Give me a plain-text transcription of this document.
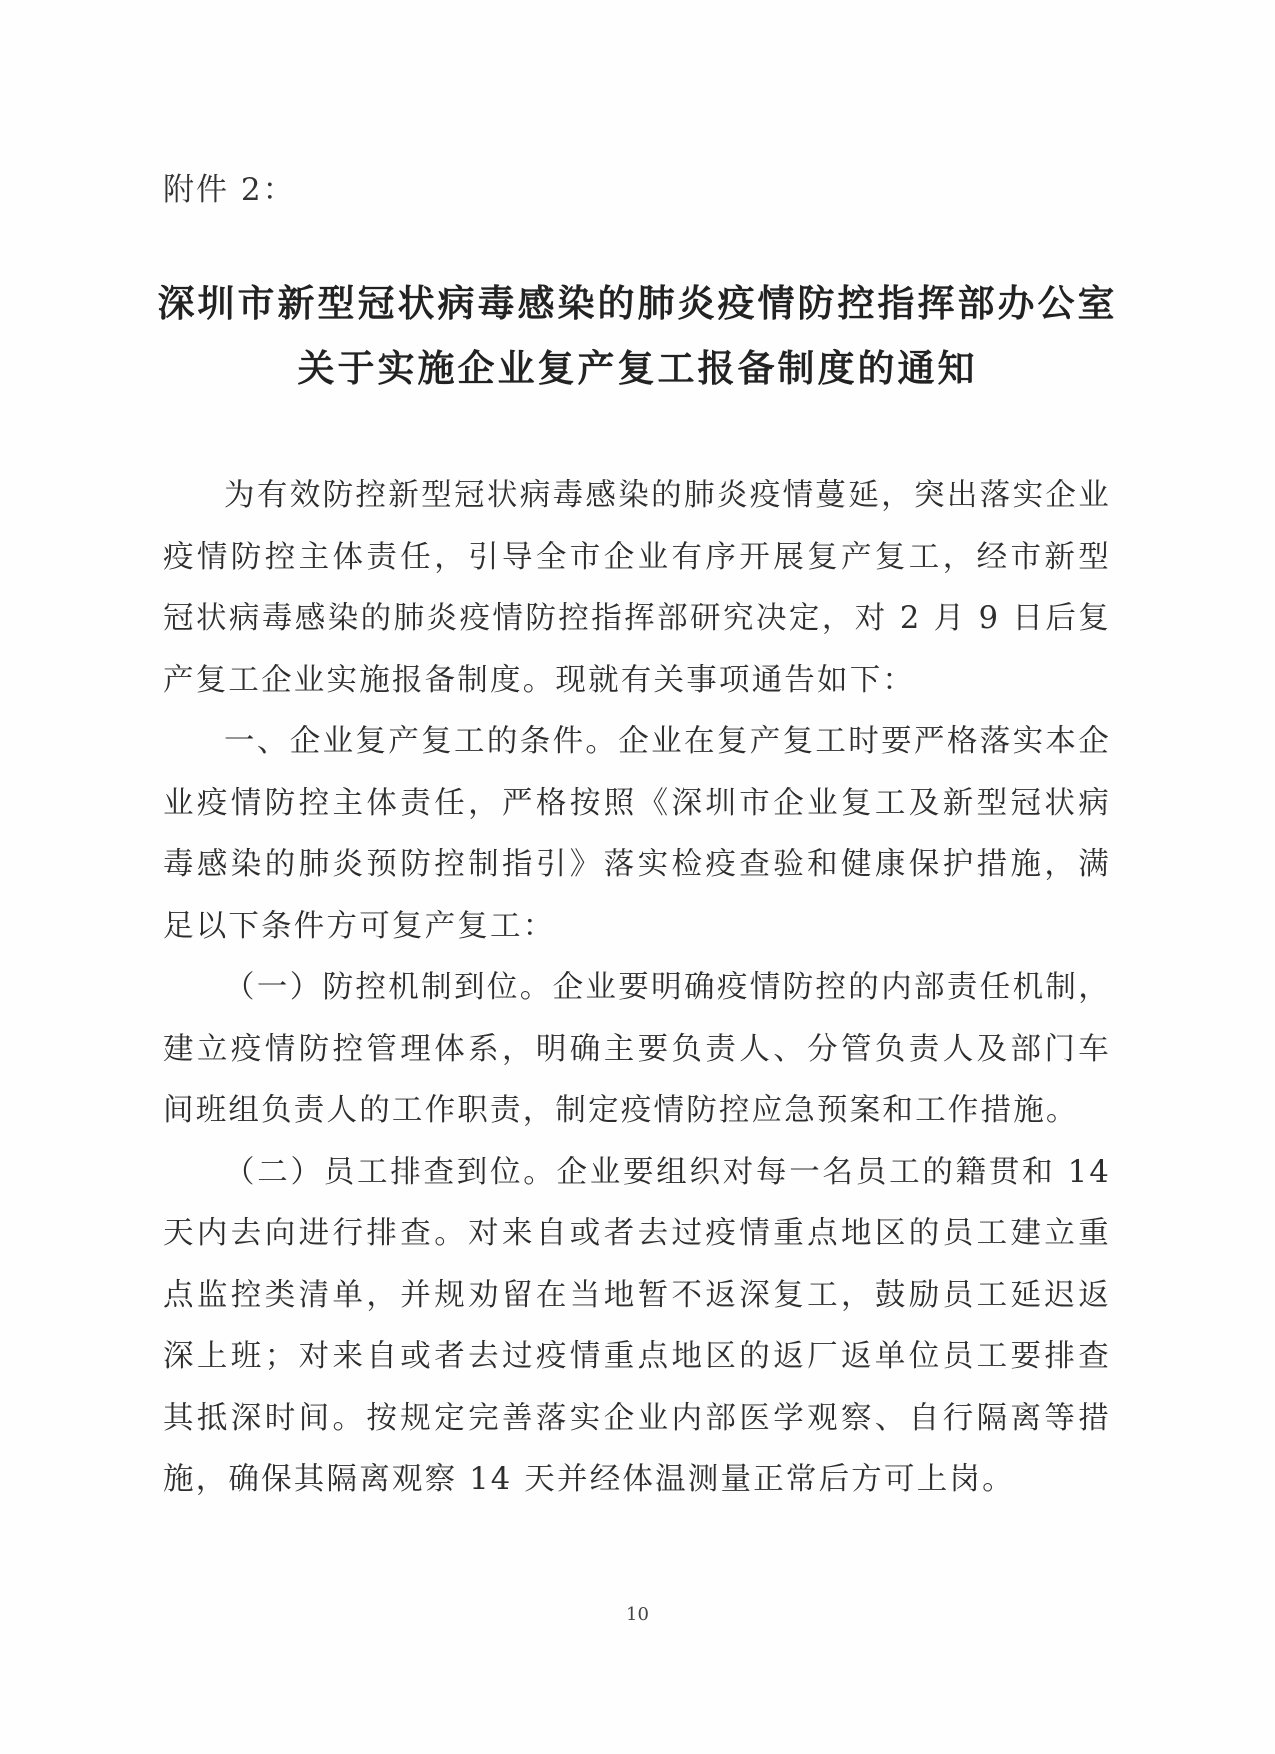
附件 2：
深圳市新型冠状病毒感染的肺炎疫情防控指挥部办公室
关于实施企业复产复工报备制度的通知

为有效防控新型冠状病毒感染的肺炎疫情蔓延，突出落实企业疫情防控主体责任，引导全市企业有序开展复产复工，经市新型冠状病毒感染的肺炎疫情防控指挥部研究决定，对 2 月 9 日后复产复工企业实施报备制度。现就有关事项通告如下：

一、企业复产复工的条件。企业在复产复工时要严格落实本企业疫情防控主体责任，严格按照《深圳市企业复工及新型冠状病毒感染的肺炎预防控制指引》落实检疫查验和健康保护措施，满足以下条件方可复产复工：

（一）防控机制到位。企业要明确疫情防控的内部责任机制，建立疫情防控管理体系，明确主要负责人、分管负责人及部门车间班组负责人的工作职责，制定疫情防控应急预案和工作措施。

（二）员工排查到位。企业要组织对每一名员工的籍贯和 14 天内去向进行排查。对来自或者去过疫情重点地区的员工建立重点监控类清单，并规劝留在当地暂不返深复工，鼓励员工延迟返深上班；对来自或者去过疫情重点地区的返厂返单位员工要排查其抵深时间。按规定完善落实企业内部医学观察、自行隔离等措施，确保其隔离观察 14 天并经体温测量正常后方可上岗。

10
